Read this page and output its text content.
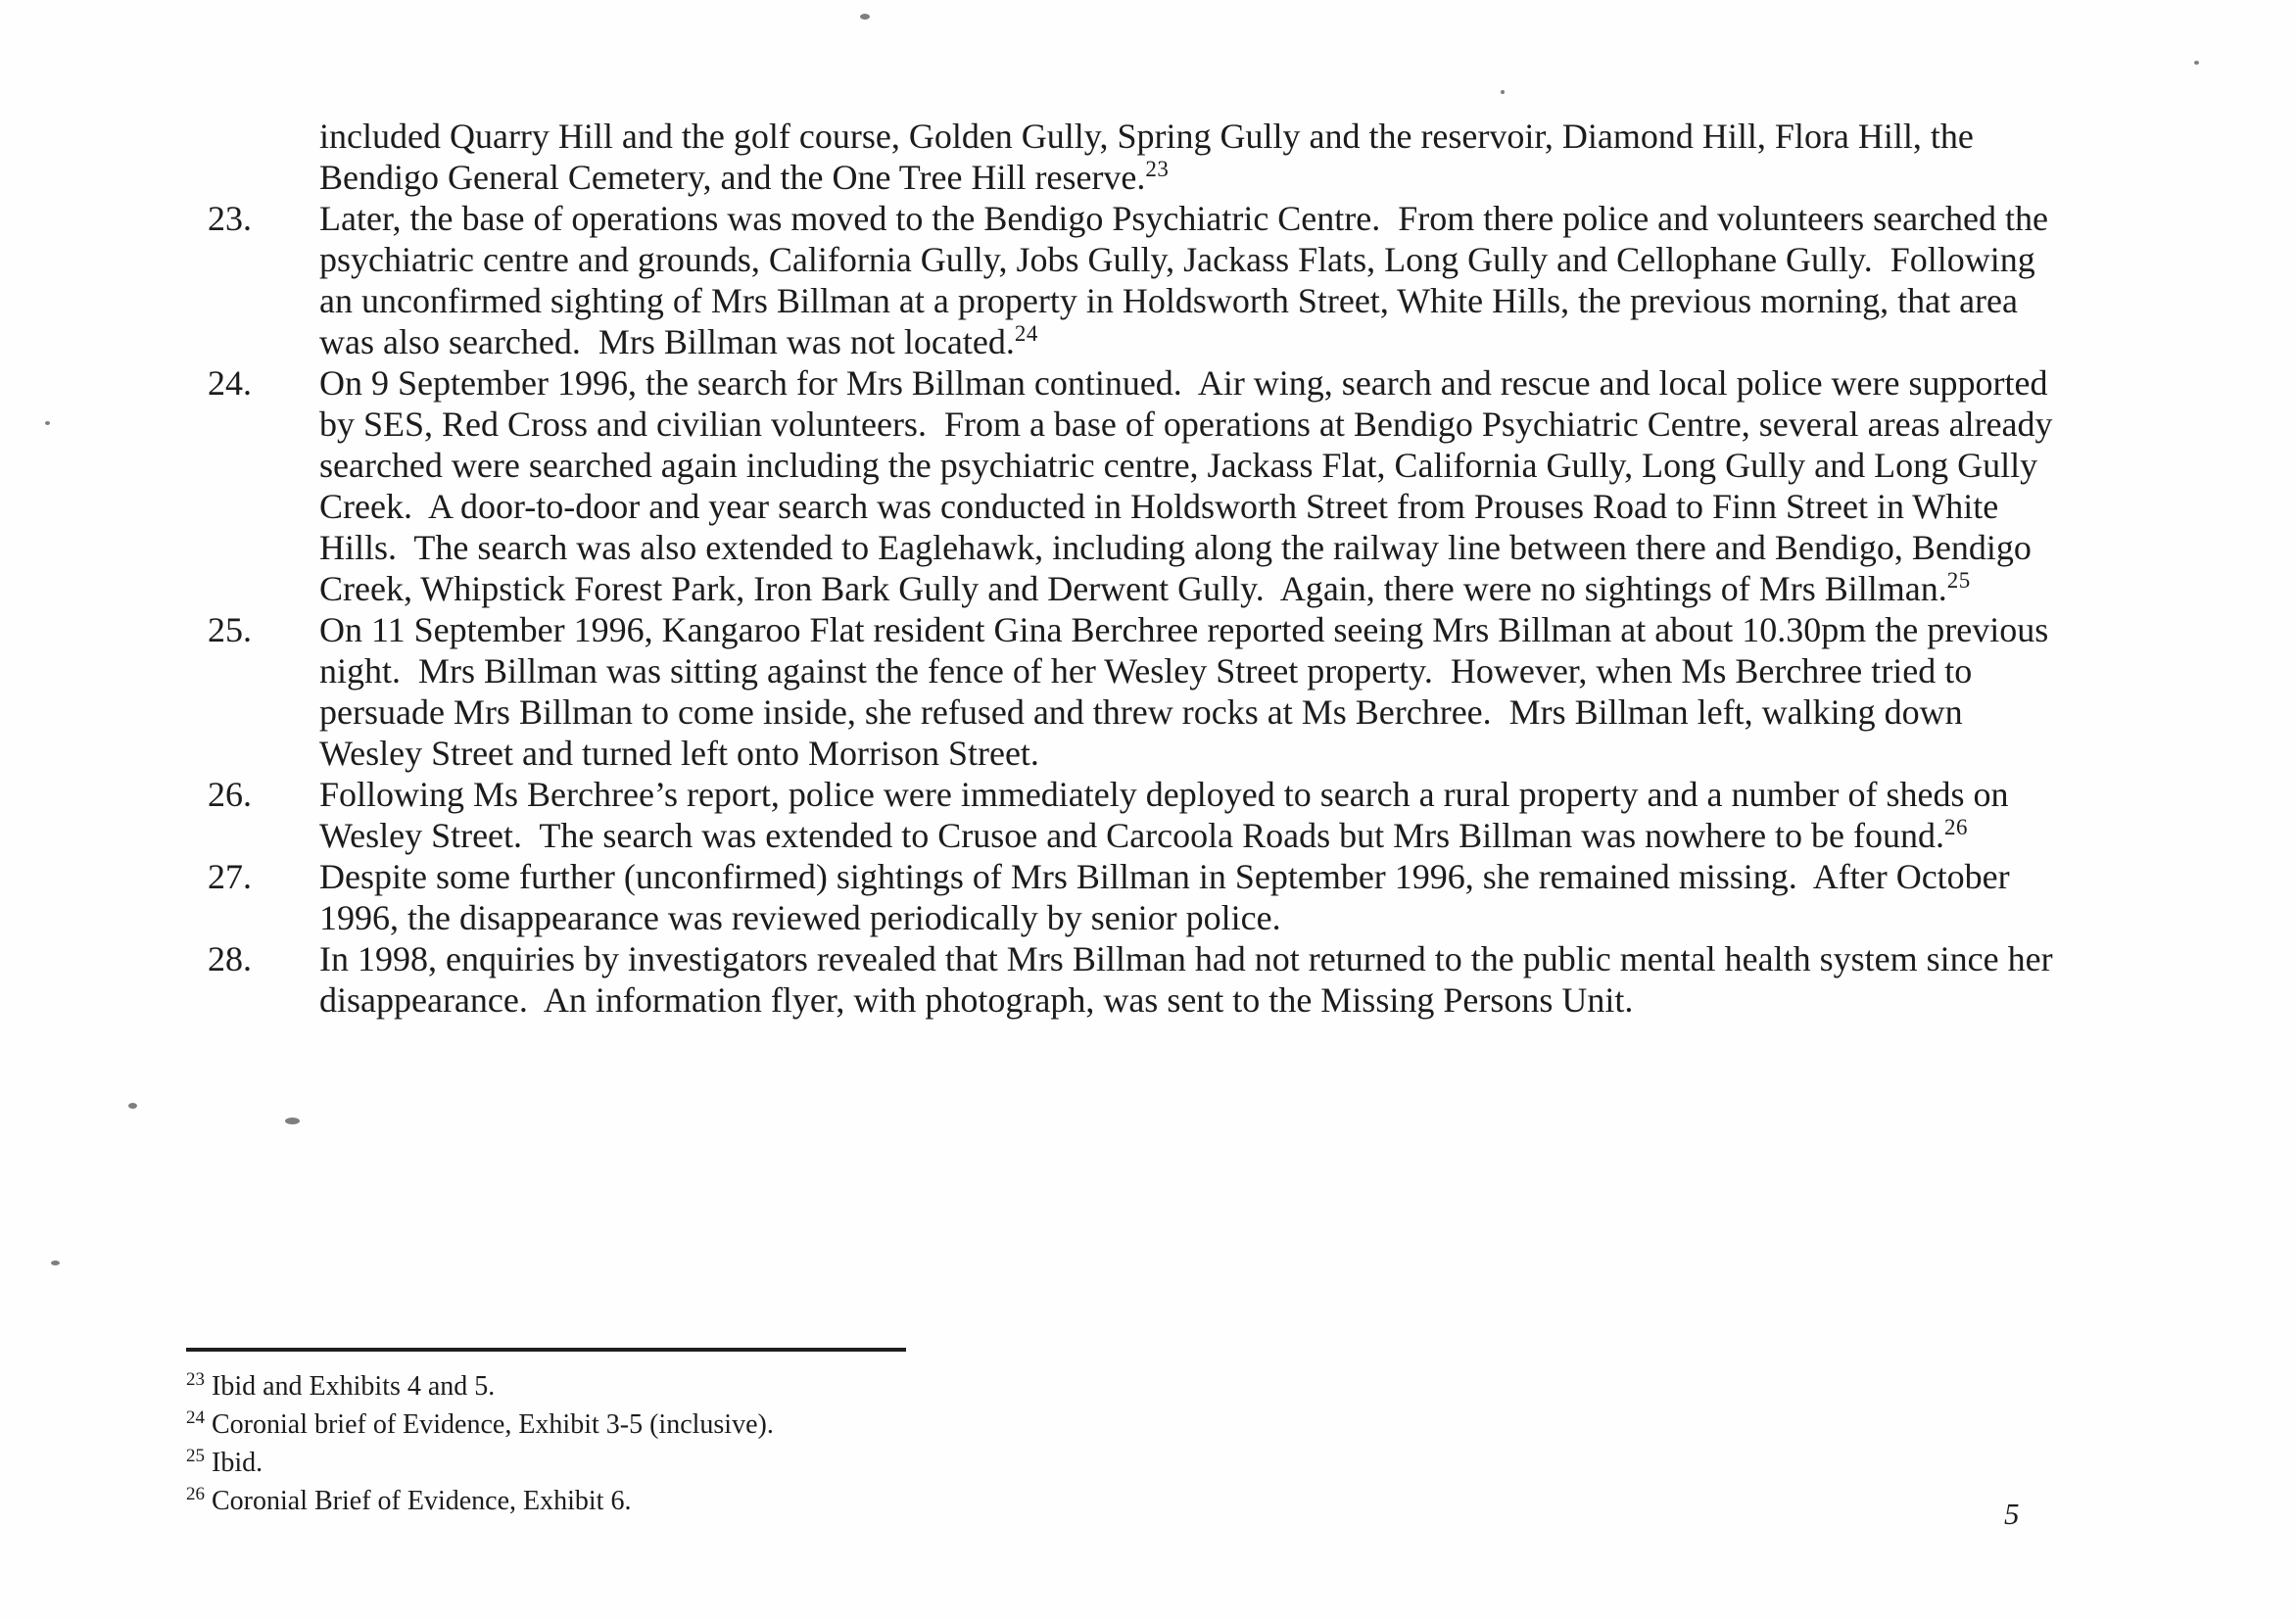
included Quarry Hill and the golf course, Golden Gully, Spring Gully and the reservoir, Diamond Hill, Flora Hill, the Bendigo General Cemetery, and the One Tree Hill reserve.$^{23}$
23.	Later, the base of operations was moved to the Bendigo Psychiatric Centre.  From there police and volunteers searched the psychiatric centre and grounds, California Gully, Jobs Gully, Jackass Flats, Long Gully and Cellophane Gully.  Following an unconfirmed sighting of Mrs Billman at a property in Holdsworth Street, White Hills, the previous morning, that area was also searched.  Mrs Billman was not located.$^{24}$
24.	On 9 September 1996, the search for Mrs Billman continued.  Air wing, search and rescue and local police were supported by SES, Red Cross and civilian volunteers.  From a base of operations at Bendigo Psychiatric Centre, several areas already searched were searched again including the psychiatric centre, Jackass Flat, California Gully, Long Gully and Long Gully Creek.  A door-to-door and year search was conducted in Holdsworth Street from Prouses Road to Finn Street in White Hills.  The search was also extended to Eaglehawk, including along the railway line between there and Bendigo, Bendigo Creek, Whipstick Forest Park, Iron Bark Gully and Derwent Gully.  Again, there were no sightings of Mrs Billman.$^{25}$
25.	On 11 September 1996, Kangaroo Flat resident Gina Berchree reported seeing Mrs Billman at about 10.30pm the previous night.  Mrs Billman was sitting against the fence of her Wesley Street property.  However, when Ms Berchree tried to persuade Mrs Billman to come inside, she refused and threw rocks at Ms Berchree.  Mrs Billman left, walking down Wesley Street and turned left onto Morrison Street.
26.	Following Ms Berchree’s report, police were immediately deployed to search a rural property and a number of sheds on Wesley Street.  The search was extended to Crusoe and Carcoola Roads but Mrs Billman was nowhere to be found.$^{26}$
27.	Despite some further (unconfirmed) sightings of Mrs Billman in September 1996, she remained missing.  After October 1996, the disappearance was reviewed periodically by senior police.
28.	In 1998, enquiries by investigators revealed that Mrs Billman had not returned to the public mental health system since her disappearance.  An information flyer, with photograph, was sent to the Missing Persons Unit.
$^{23}$ Ibid and Exhibits 4 and 5.
$^{24}$ Coronial brief of Evidence, Exhibit 3-5 (inclusive).
$^{25}$ Ibid.
$^{26}$ Coronial Brief of Evidence, Exhibit 6.	5
